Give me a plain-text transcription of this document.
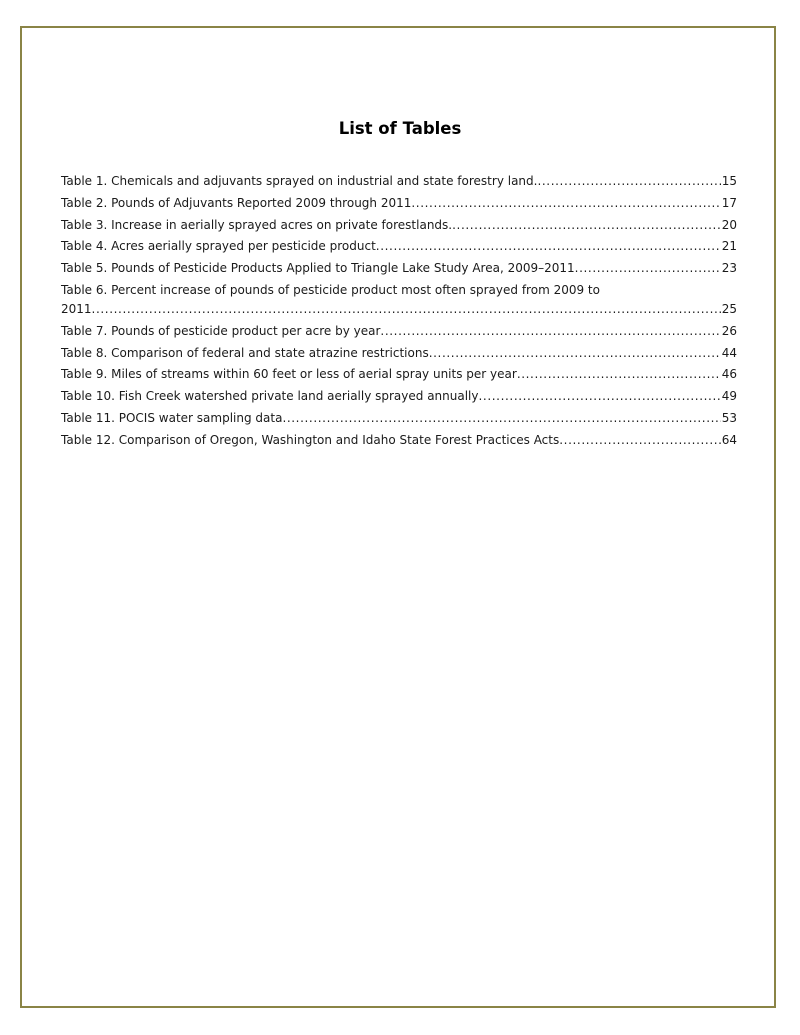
List of Tables
Table 1. Chemicals and adjuvants sprayed on industrial and state forestry land. .....	15
Table 2. Pounds of Adjuvants Reported 2009 through 2011 .....	17
Table 3. Increase in aerially sprayed acres on private forestlands. .....	20
Table 4. Acres aerially sprayed per pesticide product .....	21
Table 5. Pounds of Pesticide Products Applied to Triangle Lake Study Area, 2009–2011 .....	23
Table 6. Percent increase of pounds of pesticide product most often sprayed from 2009 to
2011 .....	25
Table 7. Pounds of pesticide product per acre by year .....	26
Table 8. Comparison of federal and state atrazine restrictions .....	44
Table 9. Miles of streams within 60 feet or less of aerial spray units per year .....	46
Table 10. Fish Creek watershed private land aerially sprayed annually .....	49
Table 11. POCIS water sampling data .....	53
Table 12. Comparison of Oregon, Washington and Idaho State Forest Practices Acts .....	64
